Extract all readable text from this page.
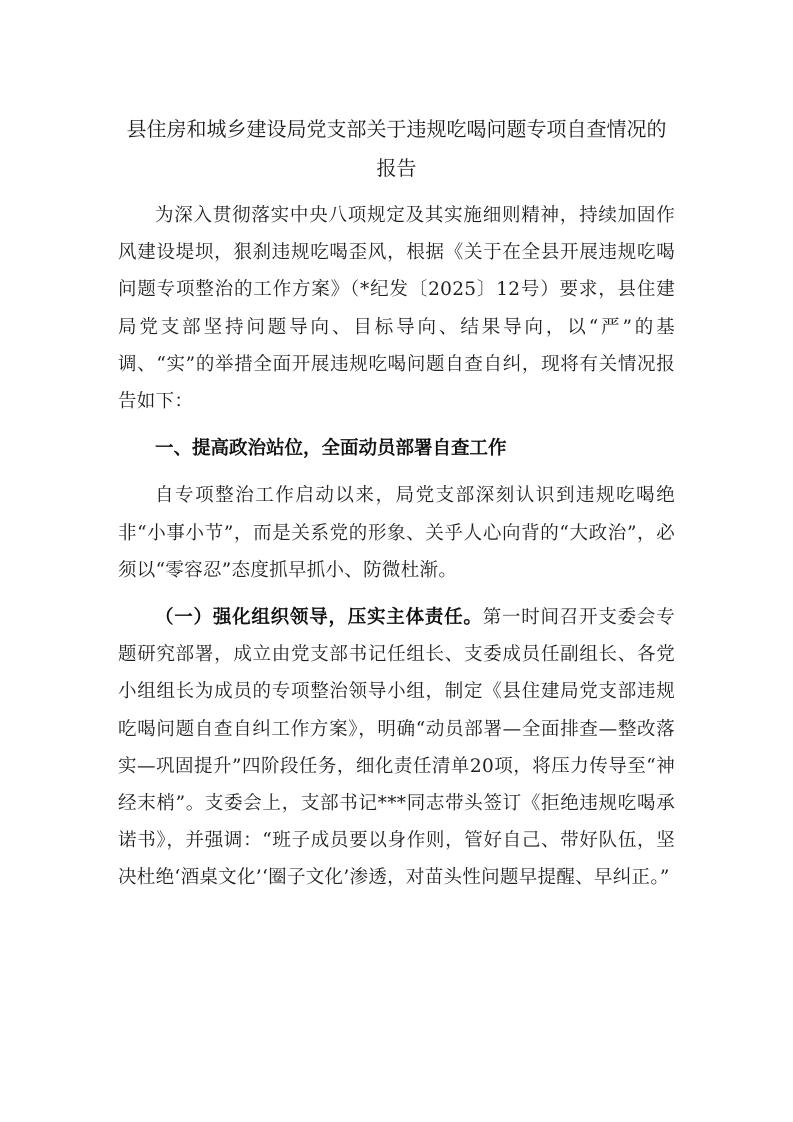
县住房和城乡建设局党支部关于违规吃喝问题专项自查情况的报告

为深入贯彻落实中央八项规定及其实施细则精神，持续加固作风建设堤坝，狠刹违规吃喝歪风，根据《关于在全县开展违规吃喝问题专项整治的工作方案》（*纪发〔2025〕12号）要求，县住建局党支部坚持问题导向、目标导向、结果导向，以“严”的基调、“实”的举措全面开展违规吃喝问题自查自纠，现将有关情况报告如下：

一、提高政治站位，全面动员部署自查工作

自专项整治工作启动以来，局党支部深刻认识到违规吃喝绝非“小事小节”，而是关系党的形象、关乎人心向背的“大政治”，必须以“零容忍”态度抓早抓小、防微杜渐。

（一）强化组织领导，压实主体责任。第一时间召开支委会专题研究部署，成立由党支部书记任组长、支委成员任副组长、各党小组组长为成员的专项整治领导小组，制定《县住建局党支部违规吃喝问题自查自纠工作方案》，明确“动员部署—全面排查—整改落实—巩固提升”四阶段任务，细化责任清单20项，将压力传导至“神经末梢”。支委会上，支部书记***同志带头签订《拒绝违规吃喝承诺书》，并强调：“班子成员要以身作则，管好自己、带好队伍，坚决杜绝‘酒桌文化’‘圈子文化’渗透，对苗头性问题早提醒、早纠正。”
